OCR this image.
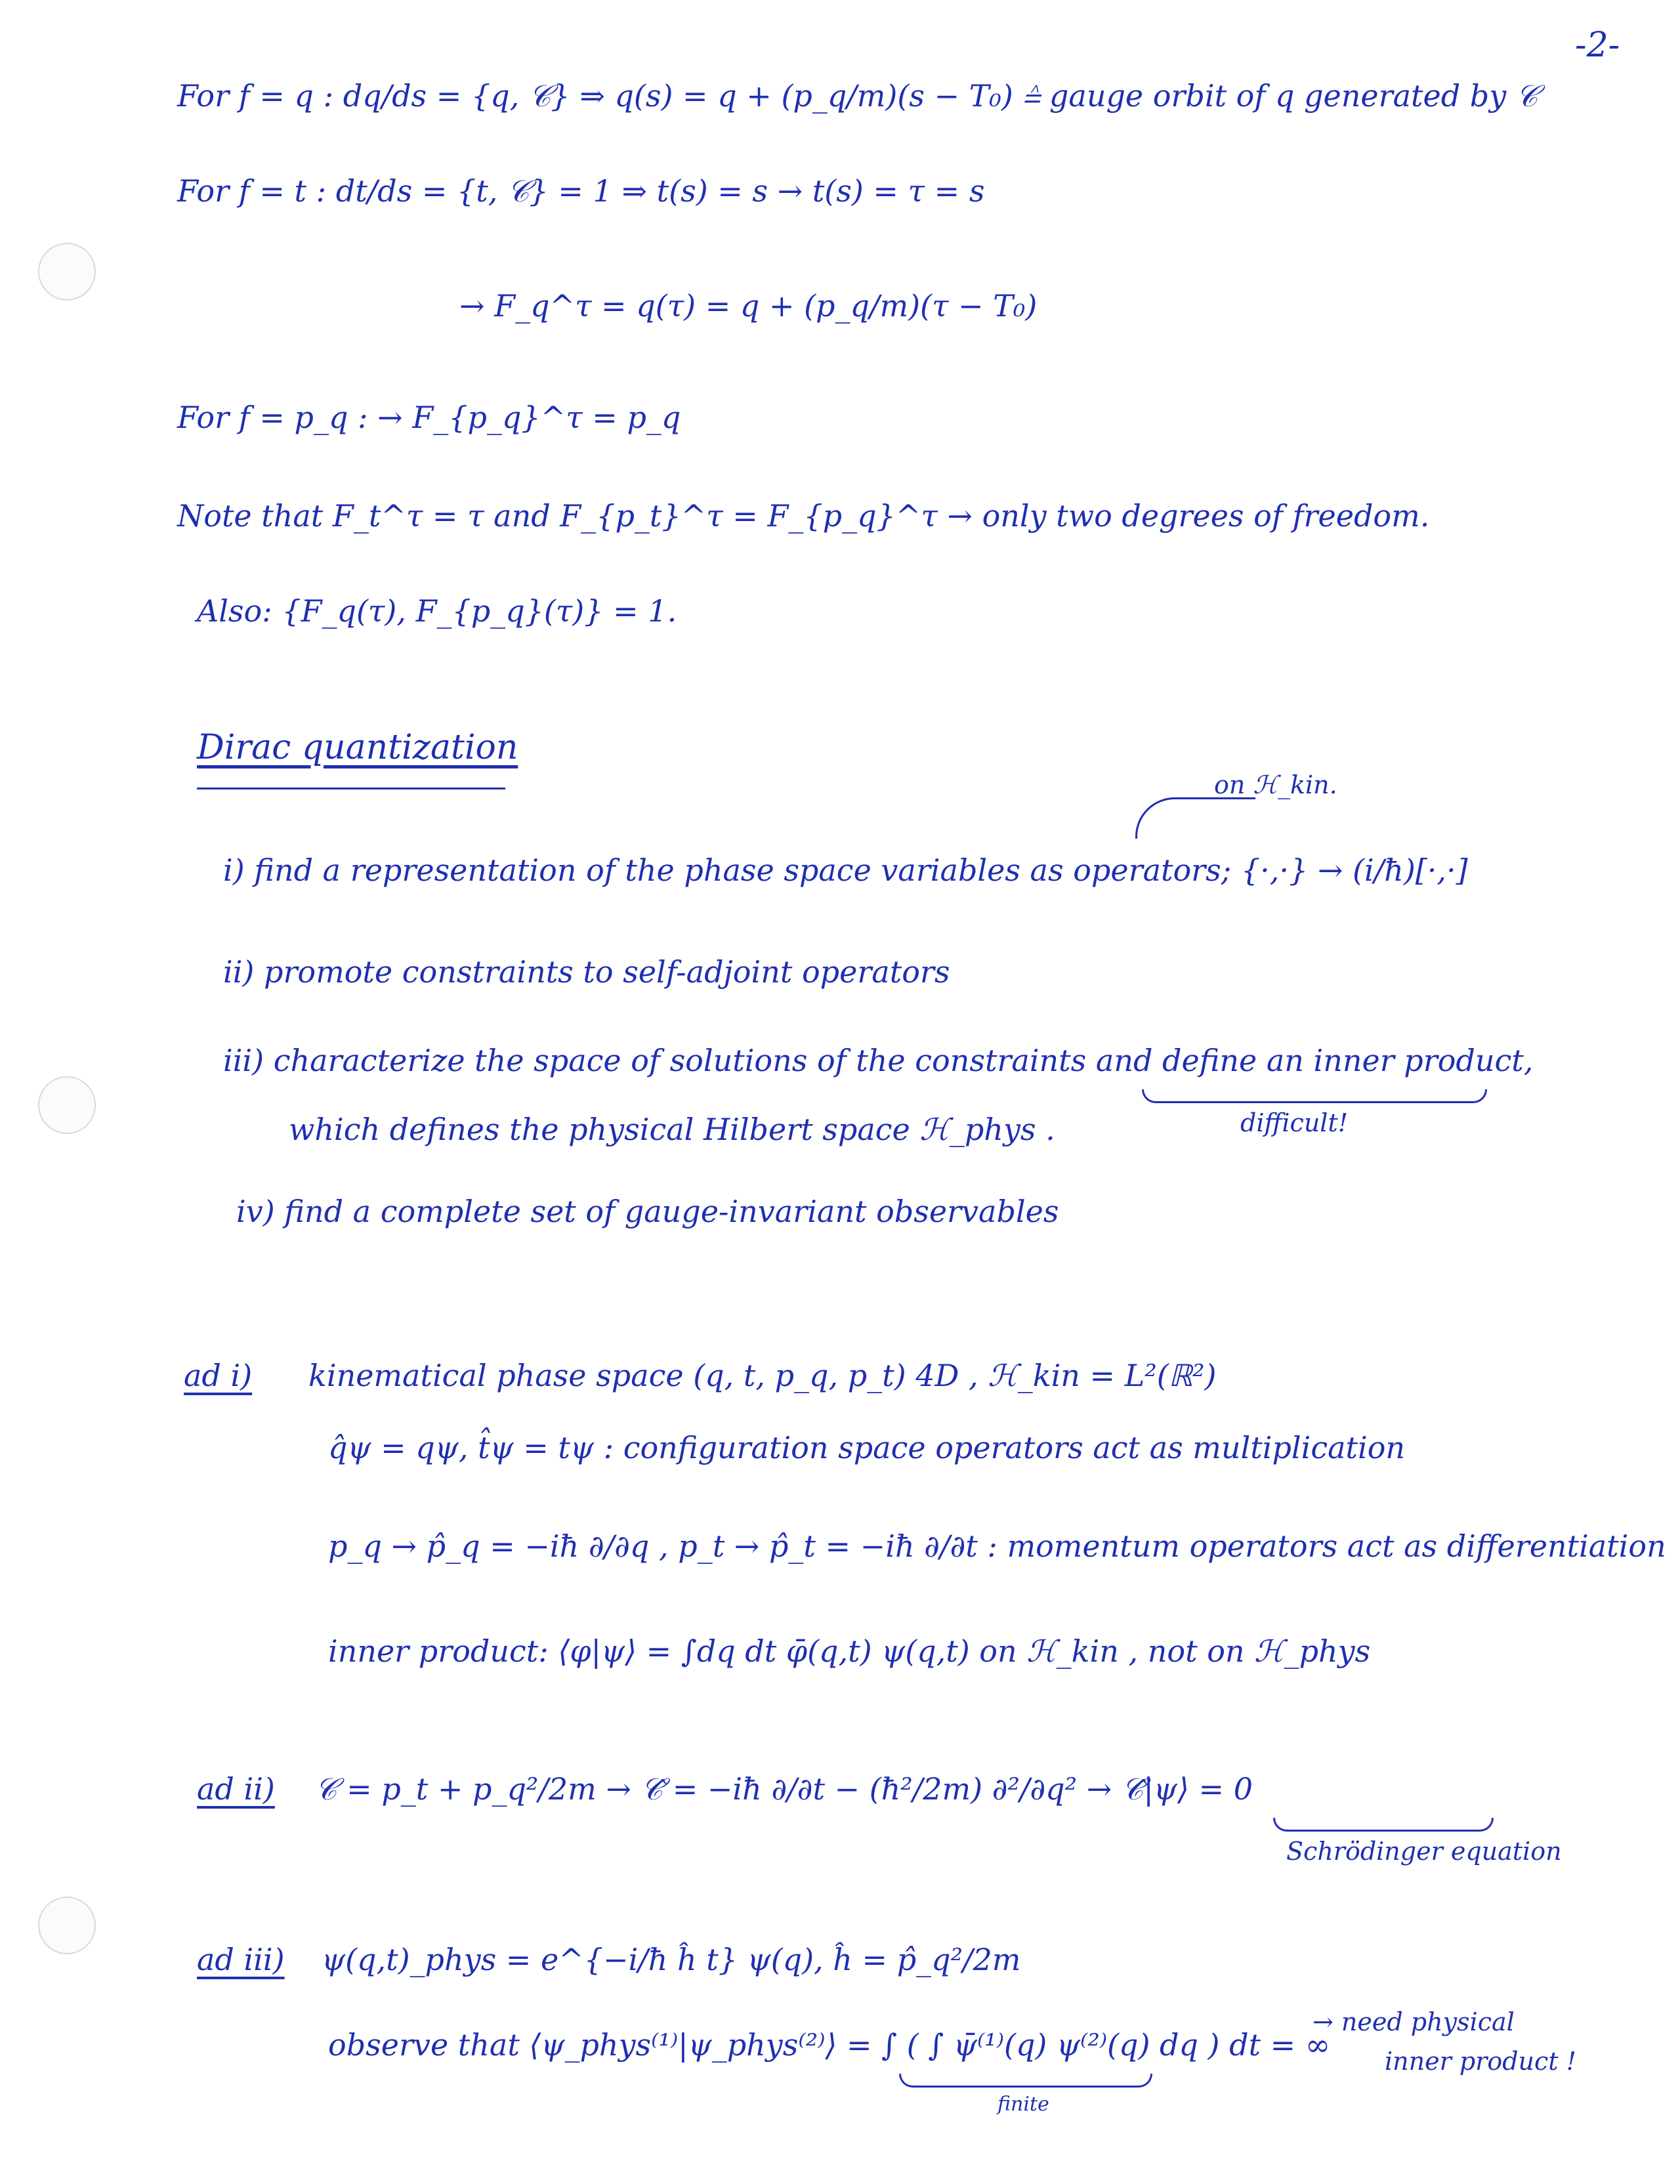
-2-
For f = q : dq/ds = {q, 𝒞} ⇒ q(s) = q + (p_q/m)(s − T₀) ≙ gauge orbit of q generated by 𝒞
For f = t : dt/ds = {t, 𝒞} = 1 ⇒ t(s) = s → t(s) = τ = s
→ F_q^τ = q(τ) = q + (p_q/m)(τ − T₀)
For f = p_q : → F_{p_q}^τ = p_q
Note that F_t^τ = τ and F_{p_t}^τ = F_{p_q}^τ → only two degrees of freedom.
Also: {F_q(τ), F_{p_q}(τ)} = 1.
Dirac quantization
on ℋ_kin.
i) find a representation of the phase space variables as operators; {·,·} → (i/ħ)[·,·]
ii) promote constraints to self-adjoint operators
iii) characterize the space of solutions of the constraints and define an inner product,
difficult!
which defines the physical Hilbert space ℋ_phys .
iv) find a complete set of gauge-invariant observables
ad i) kinematical phase space (q, t, p_q, p_t) 4D , ℋ_kin = L²(ℝ²)
q̂ψ = qψ, t̂ψ = tψ : configuration space operators act as multiplication
p_q → p̂_q = −iħ ∂/∂q , p_t → p̂_t = −iħ ∂/∂t : momentum operators act as differentiation
inner product: ⟨φ|ψ⟩ = ∫dq dt φ̄(q,t) ψ(q,t) on ℋ_kin , not on ℋ_phys
ad ii) 𝒞 = p_t + p_q²/2m → 𝒞̂ = −iħ ∂/∂t − (ħ²/2m) ∂²/∂q² → 𝒞̂|ψ⟩ = 0
Schrödinger equation
ad iii) ψ(q,t)_phys = e^{−i/ħ ĥ t} ψ(q), ĥ = p̂_q²/2m
observe that ⟨ψ_phys⁽¹⁾|ψ_phys⁽²⁾⟩ = ∫ ( ∫ ψ̄⁽¹⁾(q) ψ⁽²⁾(q) dq ) dt = ∞
finite
→ need physical
inner product !
